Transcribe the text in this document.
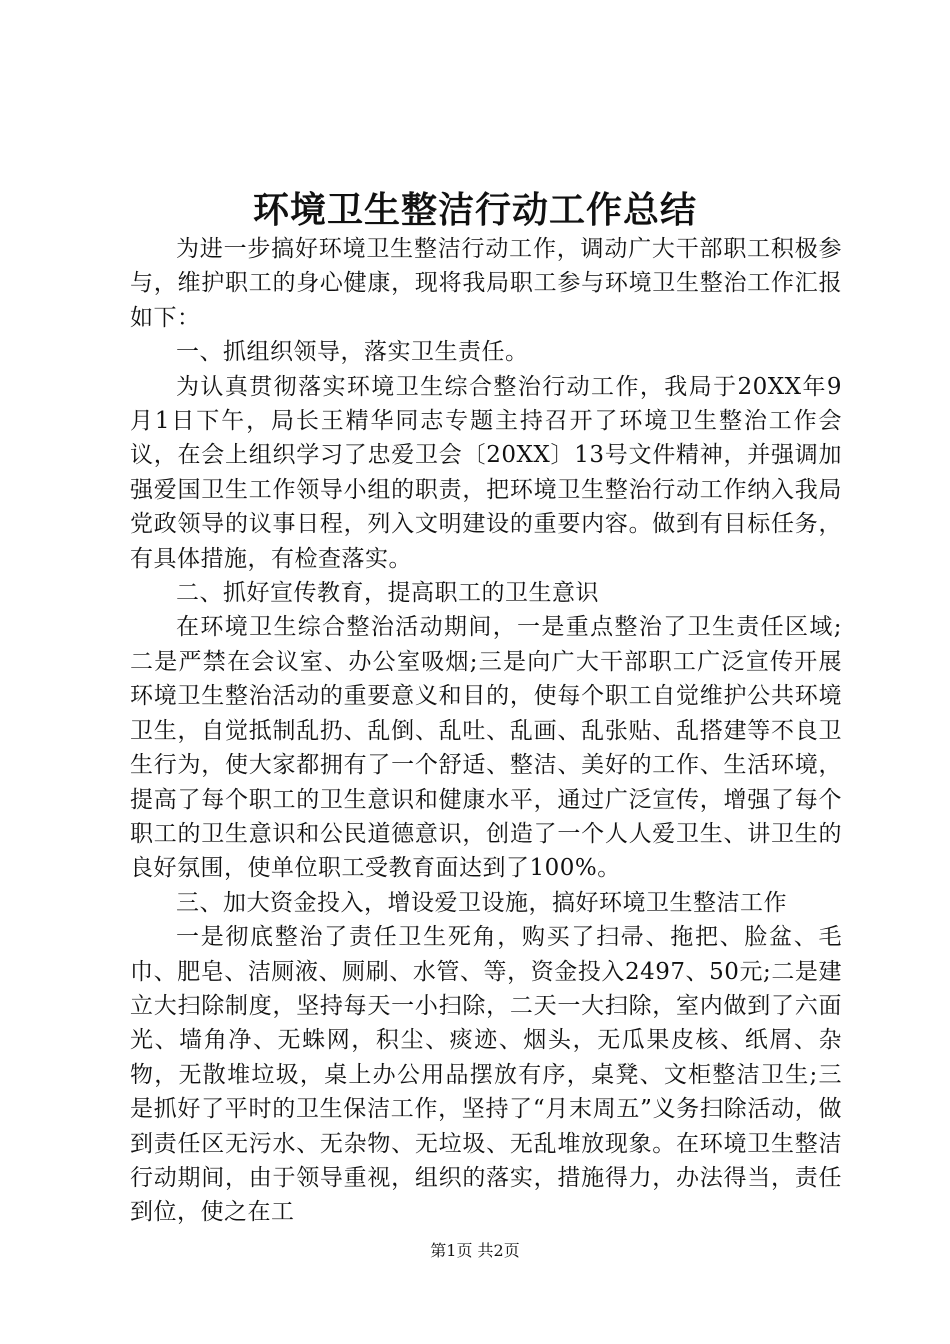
环境卫生整洁行动工作总结

为进一步搞好环境卫生整洁行动工作，调动广大干部职工积极参与，维护职工的身心健康，现将我局职工参与环境卫生整治工作汇报如下：

一、抓组织领导，落实卫生责任。

为认真贯彻落实环境卫生综合整治行动工作，我局于20XX年9月1日下午，局长王精华同志专题主持召开了环境卫生整治工作会议，在会上组织学习了忠爱卫会〔20XX〕13号文件精神，并强调加强爱国卫生工作领导小组的职责，把环境卫生整治行动工作纳入我局党政领导的议事日程，列入文明建设的重要内容。做到有目标任务，有具体措施，有检查落实。

二、抓好宣传教育，提高职工的卫生意识

在环境卫生综合整治活动期间，一是重点整治了卫生责任区域;二是严禁在会议室、办公室吸烟;三是向广大干部职工广泛宣传开展环境卫生整治活动的重要意义和目的，使每个职工自觉维护公共环境卫生，自觉抵制乱扔、乱倒、乱吐、乱画、乱张贴、乱搭建等不良卫生行为，使大家都拥有了一个舒适、整洁、美好的工作、生活环境，提高了每个职工的卫生意识和健康水平，通过广泛宣传，增强了每个职工的卫生意识和公民道德意识，创造了一个人人爱卫生、讲卫生的良好氛围，使单位职工受教育面达到了100%。

三、加大资金投入，增设爱卫设施，搞好环境卫生整洁工作

一是彻底整治了责任卫生死角，购买了扫帚、拖把、脸盆、毛巾、肥皂、洁厕液、厕刷、水管、等，资金投入2497、50元;二是建立大扫除制度，坚持每天一小扫除，二天一大扫除，室内做到了六面光、墙角净、无蛛网，积尘、痰迹、烟头，无瓜果皮核、纸屑、杂物，无散堆垃圾，桌上办公用品摆放有序，桌凳、文柜整洁卫生;三是抓好了平时的卫生保洁工作，坚持了“月末周五”义务扫除活动，做到责任区无污水、无杂物、无垃圾、无乱堆放现象。在环境卫生整洁行动期间，由于领导重视，组织的落实，措施得力，办法得当，责任到位，使之在工

第1页 共2页
